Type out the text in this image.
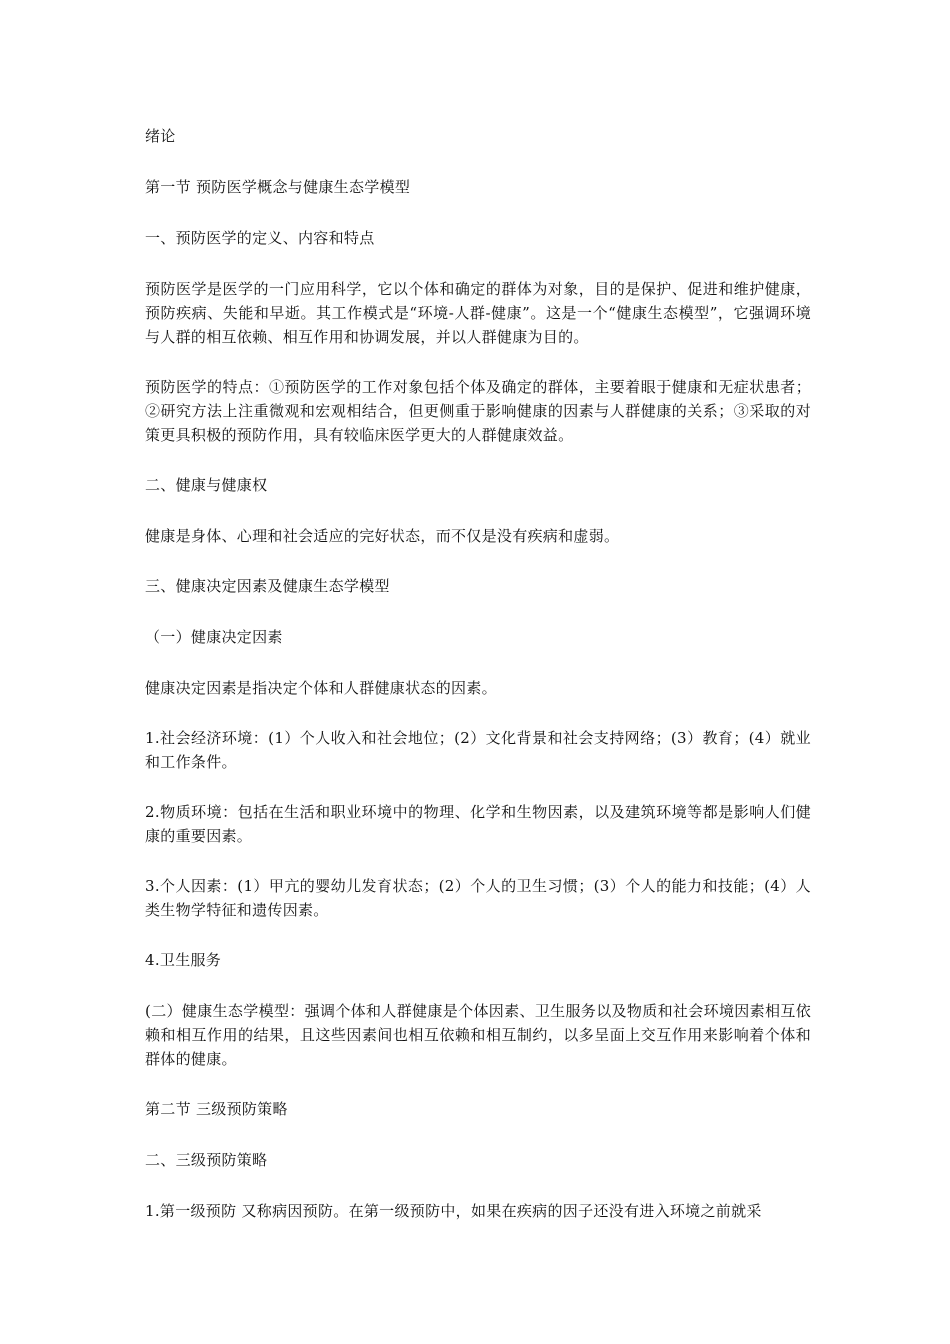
绪论

第一节 预防医学概念与健康生态学模型

一、预防医学的定义、内容和特点

预防医学是医学的一门应用科学，它以个体和确定的群体为对象，目的是保护、促进和维护健康，预防疾病、失能和早逝。其工作模式是“环境-人群-健康”。这是一个“健康生态模型”，它强调环境与人群的相互依赖、相互作用和协调发展，并以人群健康为目的。

预防医学的特点：①预防医学的工作对象包括个体及确定的群体，主要着眼于健康和无症状患者；②研究方法上注重微观和宏观相结合，但更侧重于影响健康的因素与人群健康的关系；③采取的对策更具积极的预防作用，具有较临床医学更大的人群健康效益。

二、健康与健康权

健康是身体、心理和社会适应的完好状态，而不仅是没有疾病和虚弱。

三、健康决定因素及健康生态学模型

（一）健康决定因素

健康决定因素是指决定个体和人群健康状态的因素。

1.社会经济环境：(1）个人收入和社会地位；(2）文化背景和社会支持网络；(3）教育；(4）就业和工作条件。

2.物质环境：包括在生活和职业环境中的物理、化学和生物因素，以及建筑环境等都是影响人们健康的重要因素。

3.个人因素：(1）甲亢的婴幼儿发育状态；(2）个人的卫生习惯；(3）个人的能力和技能；(4）人类生物学特征和遗传因素。

4.卫生服务

(二）健康生态学模型：强调个体和人群健康是个体因素、卫生服务以及物质和社会环境因素相互依赖和相互作用的结果，且这些因素间也相互依赖和相互制约，以多呈面上交互作用来影响着个体和群体的健康。

第二节 三级预防策略

二、三级预防策略

1.第一级预防 又称病因预防。在第一级预防中，如果在疾病的因子还没有进入环境之前就采
